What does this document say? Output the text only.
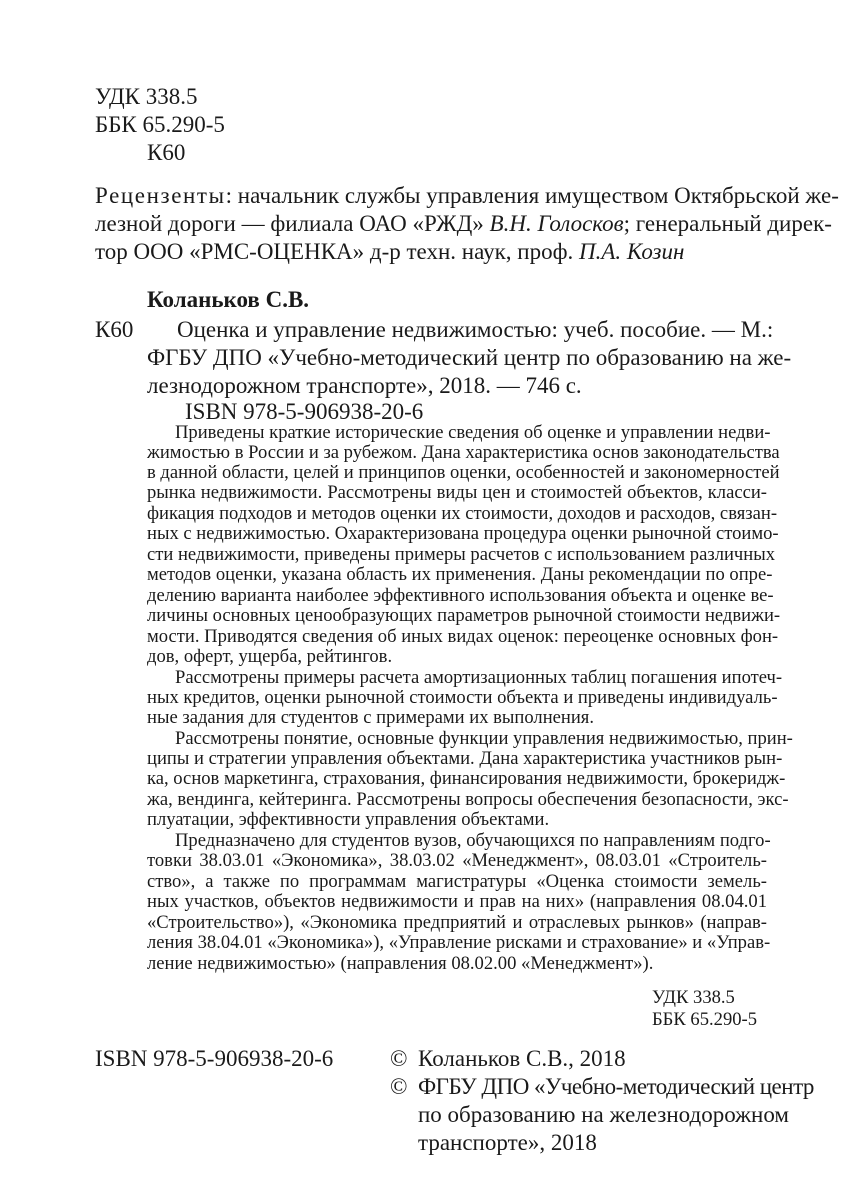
УДК 338.5
ББК 65.290-5
К60
Рецензенты: начальник службы управления имуществом Октябрьской же-
лезной дороги — филиала ОАО «РЖД» В.Н. Голосков; генеральный дирек-
тор ООО «РМС-ОЦЕНКА» д-р техн. наук, проф. П.А. Козин
Коланьков С.В.
К60 Оценка и управление недвижимостью: учеб. пособие. — М.:
ФГБУ ДПО «Учебно-методический центр по образованию на же-
лезнодорожном транспорте», 2018. — 746 с.
ISBN 978-5-906938-20-6
Приведены краткие исторические сведения об оценке и управлении недви-
жимостью в России и за рубежом. Дана характеристика основ законодательства
в данной области, целей и принципов оценки, особенностей и закономерностей
рынка недвижимости. Рассмотрены виды цен и стоимостей объектов, класси-
фикация подходов и методов оценки их стоимости, доходов и расходов, связан-
ных с недвижимостью. Охарактеризована процедура оценки рыночной стоимо-
сти недвижимости, приведены примеры расчетов с использованием различных
методов оценки, указана область их применения. Даны рекомендации по опре-
делению варианта наиболее эффективного использования объекта и оценке ве-
личины основных ценообразующих параметров рыночной стоимости недвижи-
мости. Приводятся сведения об иных видах оценок: переоценке основных фон-
дов, оферт, ущерба, рейтингов.
Рассмотрены примеры расчета амортизационных таблиц погашения ипотеч-
ных кредитов, оценки рыночной стоимости объекта и приведены индивидуаль-
ные задания для студентов с примерами их выполнения.
Рассмотрены понятие, основные функции управления недвижимостью, прин-
ципы и стратегии управления объектами. Дана характеристика участников рын-
ка, основ маркетинга, страхования, финансирования недвижимости, брокеридж-
жа, вендинга, кейтеринга. Рассмотрены вопросы обеспечения безопасности, экс-
плуатации, эффективности управления объектами.
Предназначено для студентов вузов, обучающихся по направлениям подго-
товки 38.03.01 «Экономика», 38.03.02 «Менеджмент», 08.03.01 «Строитель-
ство», а также по программам магистратуры «Оценка стоимости земель-
ных участков, объектов недвижимости и прав на них» (направления 08.04.01
«Строительство»), «Экономика предприятий и отраслевых рынков» (направ-
ления 38.04.01 «Экономика»), «Управление рисками и страхование» и «Управ-
ление недвижимостью» (направления 08.02.00 «Менеджмент»).
УДК 338.5
ББК 65.290-5
ISBN 978-5-906938-20-6 © Коланьков С.В., 2018
© ФГБУ ДПО «Учебно-методический центр
по образованию на железнодорожном
транспорте», 2018
